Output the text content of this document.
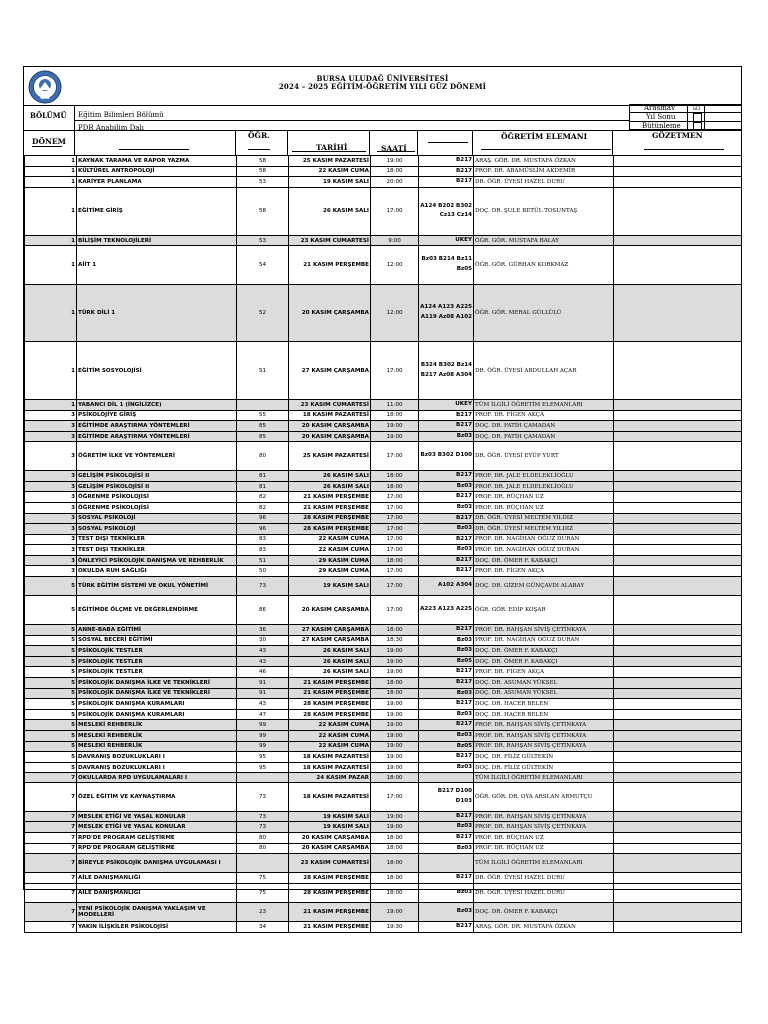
BURSA ULUDAĞ ÜNİVERSİTESİ
2024 – 2025 EĞİTİM-ÖĞRETİM YILI GÜZ DÖNEMİ
BÖLÜMÜ Eğitim Bilimleri Bölümü
PDR Anabilim Dalı
Arasınav
Yıl Sonu
Bütünleme
☑
DÖNEM
ÖĞR.
TARİHİ	SAATİ
ÖĞRETİM ELEMANI	GÖZETMEN
1	KAYNAK TARAMA VE RAPOR YAZMA	58	25 KASIM PAZARTESİ	19:00	B217	ARAŞ. GÖR. DR. MUSTAFA ÖZKAN	
1	KÜLTÜREL ANTROPOLOJİ	58	22 KASIM CUMA	18:00	B217	PROF. DR. ABAMÜSLİM AKDEMİR	
1	KARİYER PLANLAMA	53	19 KASIM SALI	20:00	B217	DR. ÖĞR. ÜYESİ HAZEL DURU	
1	EĞİTİME GİRİŞ	58	26 KASIM SALI	17:00	A124 B202 B302 Cz13 Cz14	DOÇ. DR. ŞULE BETÜL TOSUNTAŞ	
1	BİLİŞİM TEKNOLOJİLERİ	53	23 KASIM CUMARTESİ	9:00	UKEY	ÖĞR. GÖR. MUSTAFA BALAY	
1	AİİT 1	54	21 KASIM PERŞEMBE	12:00	Bz03 B214 Bz11 Bz05	ÖĞR. GÖR. GÜRHAN KORKMAZ	
1	TÜRK DİLİ 1	52	20 KASIM ÇARŞAMBA	12:00	A124 A123 A225 A119 Az08 A102	ÖĞR. GÖR. MERAL GÜLLÜLÜ	
1	EĞİTİM SOSYOLOJİSİ	51	27 KASIM ÇARŞAMBA	17:00	B324 B302 Bz14 B217 Az08 A304	DR. ÖĞR. ÜYESİ ABDULLAH AÇAR	
1	YABANCI DİL 1 (İNGİLİZCE)		23 KASIM CUMARTESİ	11:00	UKEY	TÜM İLGİLİ ÖĞRETİM ELEMANLARI	
3	PSİKOLOJİYE GİRİŞ	55	18 KASIM PAZARTESİ	18:00	B217	PROF. DR. FİGEN AKÇA	
3	EĞİTİMDE ARAŞTIRMA YÖNTEMLERİ	85	20 KASIM ÇARŞAMBA	19:00	B217	DOÇ. DR. FATİH ÇAMADAN	
3	EĞİTİMDE ARAŞTIRMA YÖNTEMLERİ	85	20 KASIM ÇARŞAMBA	19:00	Bz03	DOÇ. DR. FATİH ÇAMADAN	
3	ÖĞRETİM İLKE VE YÖNTEMLERİ	80	25 KASIM PAZARTESİ	17:00	Bz03 B302 D100	DR. ÖĞR. ÜYESİ EYÜP YURT	
3	GELİŞİM PSİKOLOJİSİ II	81	26 KASIM SALI	18:00	B217	PROF. DR. JALE ELDELEKLİOĞLU	
3	GELİŞİM PSİKOLOJİSİ II	81	26 KASIM SALI	18:00	Bz03	PROF. DR. JALE ELDELEKLİOĞLU	
3	ÖĞRENME PSİKOLOJİSİ	82	21 KASIM PERŞEMBE	17:00	B217	PROF. DR. RÜÇHAN UZ	
3	ÖĞRENME PSİKOLOJİSİ	82	21 KASIM PERŞEMBE	17:00	Bz03	PROF. DR. RÜÇHAN UZ	
3	SOSYAL PSİKOLOJİ	96	28 KASIM PERŞEMBE	17:00	B217	DR. ÖĞR. ÜYESİ MELTEM YILDIZ	
3	SOSYAL PSİKOLOJİ	96	28 KASIM PERŞEMBE	17:00	Bz03	DR. ÖĞR. ÜYESİ MELTEM YILDIZ	
3	TEST DIŞI TEKNİKLER	83	22 KASIM CUMA	17:00	B217	PROF. DR. NAGİHAN OĞUZ DURAN	
3	TEST DIŞI TEKNİKLER	83	22 KASIM CUMA	17:00	Bz03	PROF. DR. NAGİHAN OĞUZ DURAN	
3	ÖNLEYİCİ PSİKOLOJİK DANIŞMA VE REHBERLİK	51	29 KASIM CUMA	18:00	B217	DOÇ. DR. ÖMER F. KABAKÇI	
3	OKULDA RUH SAĞLIĞI	50	29 KASIM CUMA	17:00	B217	PROF. DR. FİGEN AKÇA	
5	TÜRK EĞİTİM SİSTEMİ VE OKUL YÖNETİMİ	73	19 KASIM SALI	17:00	A102 A304	DOÇ. DR. GİZEM GÜNÇAVDI ALABAY	
5	EĞİTİMDE ÖLÇME VE DEĞERLENDİRME	86	20 KASIM ÇARŞAMBA	17:00	A223 A123 A225	ÖĞR. GÖR. EDİP KOŞAR	
5	ANNE-BABA EĞİTİMİ	36	27 KASIM ÇARŞAMBA	18:00	B217	PROF. DR. RAHŞAN SİVİŞ ÇETİNKAYA	
5	SOSYAL BECERİ EĞİTİMİ	30	27 KASIM ÇARŞAMBA	18:30	Bz03	PROF. DR. NAGİHAN OĞUZ DURAN	
5	PSİKOLOJİK TESTLER	43	26 KASIM SALI	19:00	Bz03	DOÇ. DR. ÖMER F. KABAKÇI	
5	PSİKOLOJİK TESTLER	43	26 KASIM SALI	19:00	Bz05	DOÇ. DR. ÖMER F. KABAKÇI	
5	PSİKOLOJİK TESTLER	46	26 KASIM SALI	19:00	B217	PROF. DR. FİGEN AKÇA	
5	PSİKOLOJİK DANIŞMA İLKE VE TEKNİKLERİ	91	21 KASIM PERŞEMBE	18:00	B217	DOÇ. DR. ASUMAN YÜKSEL	
5	PSİKOLOJİK DANIŞMA İLKE VE TEKNİKLERİ	91	21 KASIM PERŞEMBE	18:00	Bz03	DOÇ. DR. ASUMAN YÜKSEL	
5	PSİKOLOJİK DANIŞMA KURAMLARI	43	28 KASIM PERŞEMBE	19:00	B217	DOÇ. DR. HACER BELEN	
5	PSİKOLOJİK DANIŞMA KURAMLARI	47	28 KASIM PERŞEMBE	19:00	Bz03	DOÇ. DR. HACER BELEN	
5	MESLEKİ REHBERLİK	99	22 KASIM CUMA	19:00	B217	PROF. DR. RAHŞAN SİVİŞ ÇETİNKAYA	
5	MESLEKİ REHBERLİK	99	22 KASIM CUMA	19:00	Bz03	PROF. DR. RAHŞAN SİVİŞ ÇETİNKAYA	
5	MESLEKİ REHBERLİK	99	22 KASIM CUMA	19:00	Bz05	PROF. DR. RAHŞAN SİVİŞ ÇETİNKAYA	
5	DAVRANIŞ BOZUKLUKLARI I	95	18 KASIM PAZARTESİ	19:00	B217	DOÇ. DR. FİLİZ GÜLTEKİN	
5	DAVRANIŞ BOZUKLUKLARI I	95	18 KASIM PAZARTESİ	19:00	Bz03	DOÇ. DR. FİLİZ GÜLTEKİN	
7	OKULLARDA RPD UYGULAMALARI I		24 KASIM PAZAR	18:00		TÜM İLGİLİ ÖĞRETİM ELEMANLARI	
7	ÖZEL EĞİTİM VE KAYNAŞTIRMA	73	18 KASIM PAZARTESİ	17:00	B217 D100 D103	ÖĞR. GÖR. DR. OYA ARSLAN ARMUTÇU	
7	MESLEK ETİĞİ VE YASAL KONULAR	73	19 KASIM SALI	19:00	B217	PROF. DR. RAHŞAN SİVİŞ ÇETİNKAYA	
7	MESLEK ETİĞİ VE YASAL KONULAR	73	19 KASIM SALI	19:00	Bz03	PROF. DR. RAHŞAN SİVİŞ ÇETİNKAYA	
7	RPD'DE PROGRAM GELİŞTİRME	80	20 KASIM ÇARŞAMBA	18:00	B217	PROF. DR. RÜÇHAN UZ	
7	RPD'DE PROGRAM GELİŞTİRME	80	20 KASIM ÇARŞAMBA	18:00	Bz03	PROF. DR. RÜÇHAN UZ	
7	BİREYLE PSİKOLOJİK DANIŞMA UYGULAMASI I		23 KASIM CUMARTESİ	18:00		TÜM İLGİLİ ÖĞRETİM ELEMANLARI	
7	AİLE DANIŞMANLIĞI	75	28 KASIM PERŞEMBE	18:00	B217	DR. ÖĞR. ÜYESİ HAZEL DURU	
7	AİLE DANIŞMANLIĞI	75	28 KASIM PERŞEMBE	18:00	Bz03	DR. ÖĞR. ÜYESİ HAZEL DURU	
7	YENİ PSİKOLOJİK DANIŞMA YAKLAŞIM VE MODELLERİ	23	21 KASIM PERŞEMBE	19:00	Bz03	DOÇ. DR. ÖMER F. KABAKÇI	
7	YAKIN İLİŞKİLER PSİKOLOJİSİ	34	21 KASIM PERŞEMBE	19:30	B217	ARAŞ. GÖR. DR. MUSTAFA ÖZKAN	
